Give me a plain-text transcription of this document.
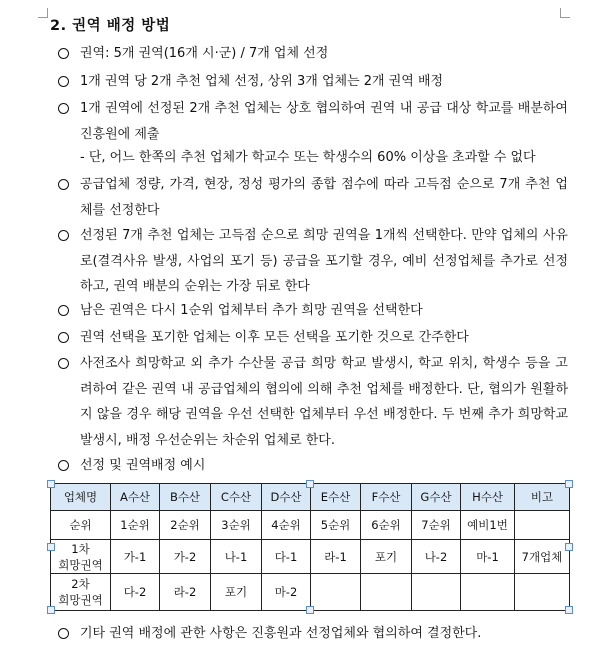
2. 권역 배정 방법
권역: 5개 권역(16개 시·군) / 7개 업체 선정
1개 권역 당 2개 추천 업체 선정, 상위 3개 업체는 2개 권역 배정
1개 권역에 선정된 2개 추천 업체는 상호 협의하여 권역 내 공급 대상 학교를 배분하여 진흥원에 제출
- 단, 어느 한쪽의 추천 업체가 학교수 또는 학생수의 60% 이상을 초과할 수 없다
공급업체 정량, 가격, 현장, 정성 평가의 종합 점수에 따라 고득점 순으로 7개 추천 업체를 선정한다
선정된 7개 추천 업체는 고득점 순으로 희망 권역을 1개씩 선택한다. 만약 업체의 사유로(결격사유 발생, 사업의 포기 등) 공급을 포기할 경우, 예비 선정업체를 추가로 선정하고, 권역 배분의 순위는 가장 뒤로 한다
남은 권역은 다시 1순위 업체부터 추가 희망 권역을 선택한다
권역 선택을 포기한 업체는 이후 모든 선택을 포기한 것으로 간주한다
사전조사 희망학교 외 추가 수산물 공급 희망 학교 발생시, 학교 위치, 학생수 등을 고려하여 같은 권역 내 공급업체의 협의에 의해 추천 업체를 배정한다. 단, 협의가 원활하지 않을 경우 해당 권역을 우선 선택한 업체부터 우선 배정한다. 두 번째 추가 희망학교 발생시, 배정 우선순위는 차순위 업체로 한다.
선정 및 권역배정 예시
업체명	A수산	B수산	C수산	D수산	E수산	F수산	G수산	H수산	비고
순위	1순위	2순위	3순위	4순위	5순위	6순위	7순위	예비1번	
1차
희망권역	가-1	가-2	나-1	다-1	라-1	포기	나-2	마-1	7개업체
2차
희망권역	다-2	라-2	포기	마-2					
기타 권역 배정에 관한 사항은 진흥원과 선정업체와 협의하여 결정한다.
